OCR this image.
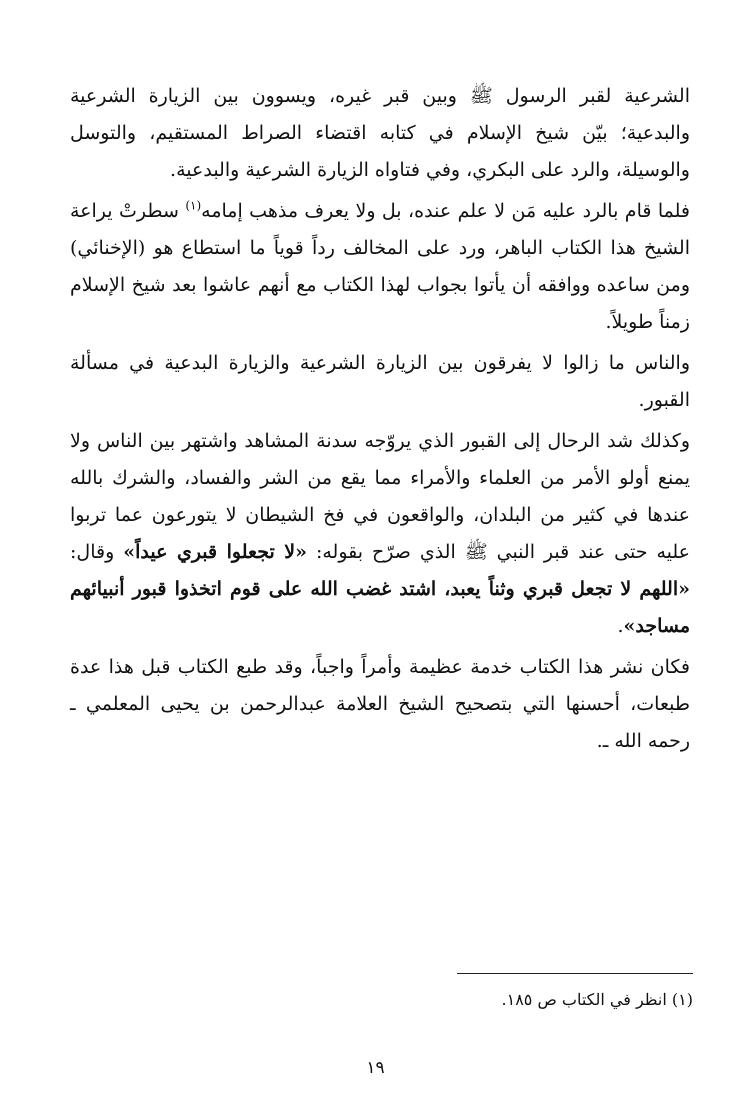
الشرعية لقبر الرسول ﷺ وبين قبر غيره، ويسوون بين الزيارة الشرعية والبدعية؛ بيّن شيخ الإسلام في كتابه اقتضاء الصراط المستقيم، والتوسل والوسيلة، والرد على البكري، وفي فتاواه الزيارة الشرعية والبدعية.

فلما قام بالرد عليه مَن لا علم عنده، بل ولا يعرف مذهب إمامه$^{(١)}$ سطرتْ يراعة الشيخ هذا الكتاب الباهر، ورد على المخالف رداً قوياً ما استطاع هو (الإخنائي) ومن ساعده ووافقه أن يأتوا بجواب لهذا الكتاب مع أنهم عاشوا بعد شيخ الإسلام زمناً طويلاً.

والناس ما زالوا لا يفرقون بين الزيارة الشرعية والزيارة البدعية في مسألة القبور.

وكذلك شد الرحال إلى القبور الذي يروّجه سدنة المشاهد واشتهر بين الناس ولا يمنع أولو الأمر من العلماء والأمراء مما يقع من الشر والفساد، والشرك بالله عندها في كثير من البلدان، والواقعون في فخ الشيطان لا يتورعون عما تربوا عليه حتى عند قبر النبي ﷺ الذي صرّح بقوله: «لا تجعلوا قبري عيداً» وقال: «اللهم لا تجعل قبري وثناً يعبد، اشتد غضب الله على قوم اتخذوا قبور أنبيائهم مساجد».

فكان نشر هذا الكتاب خدمة عظيمة وأمراً واجباً، وقد طبع الكتاب قبل هذا عدة طبعات، أحسنها التي بتصحيح الشيخ العلامة عبدالرحمن بن يحيى المعلمي ـ رحمه الله ـ.

(١) انظر في الكتاب ص ١٨٥.

١٩
